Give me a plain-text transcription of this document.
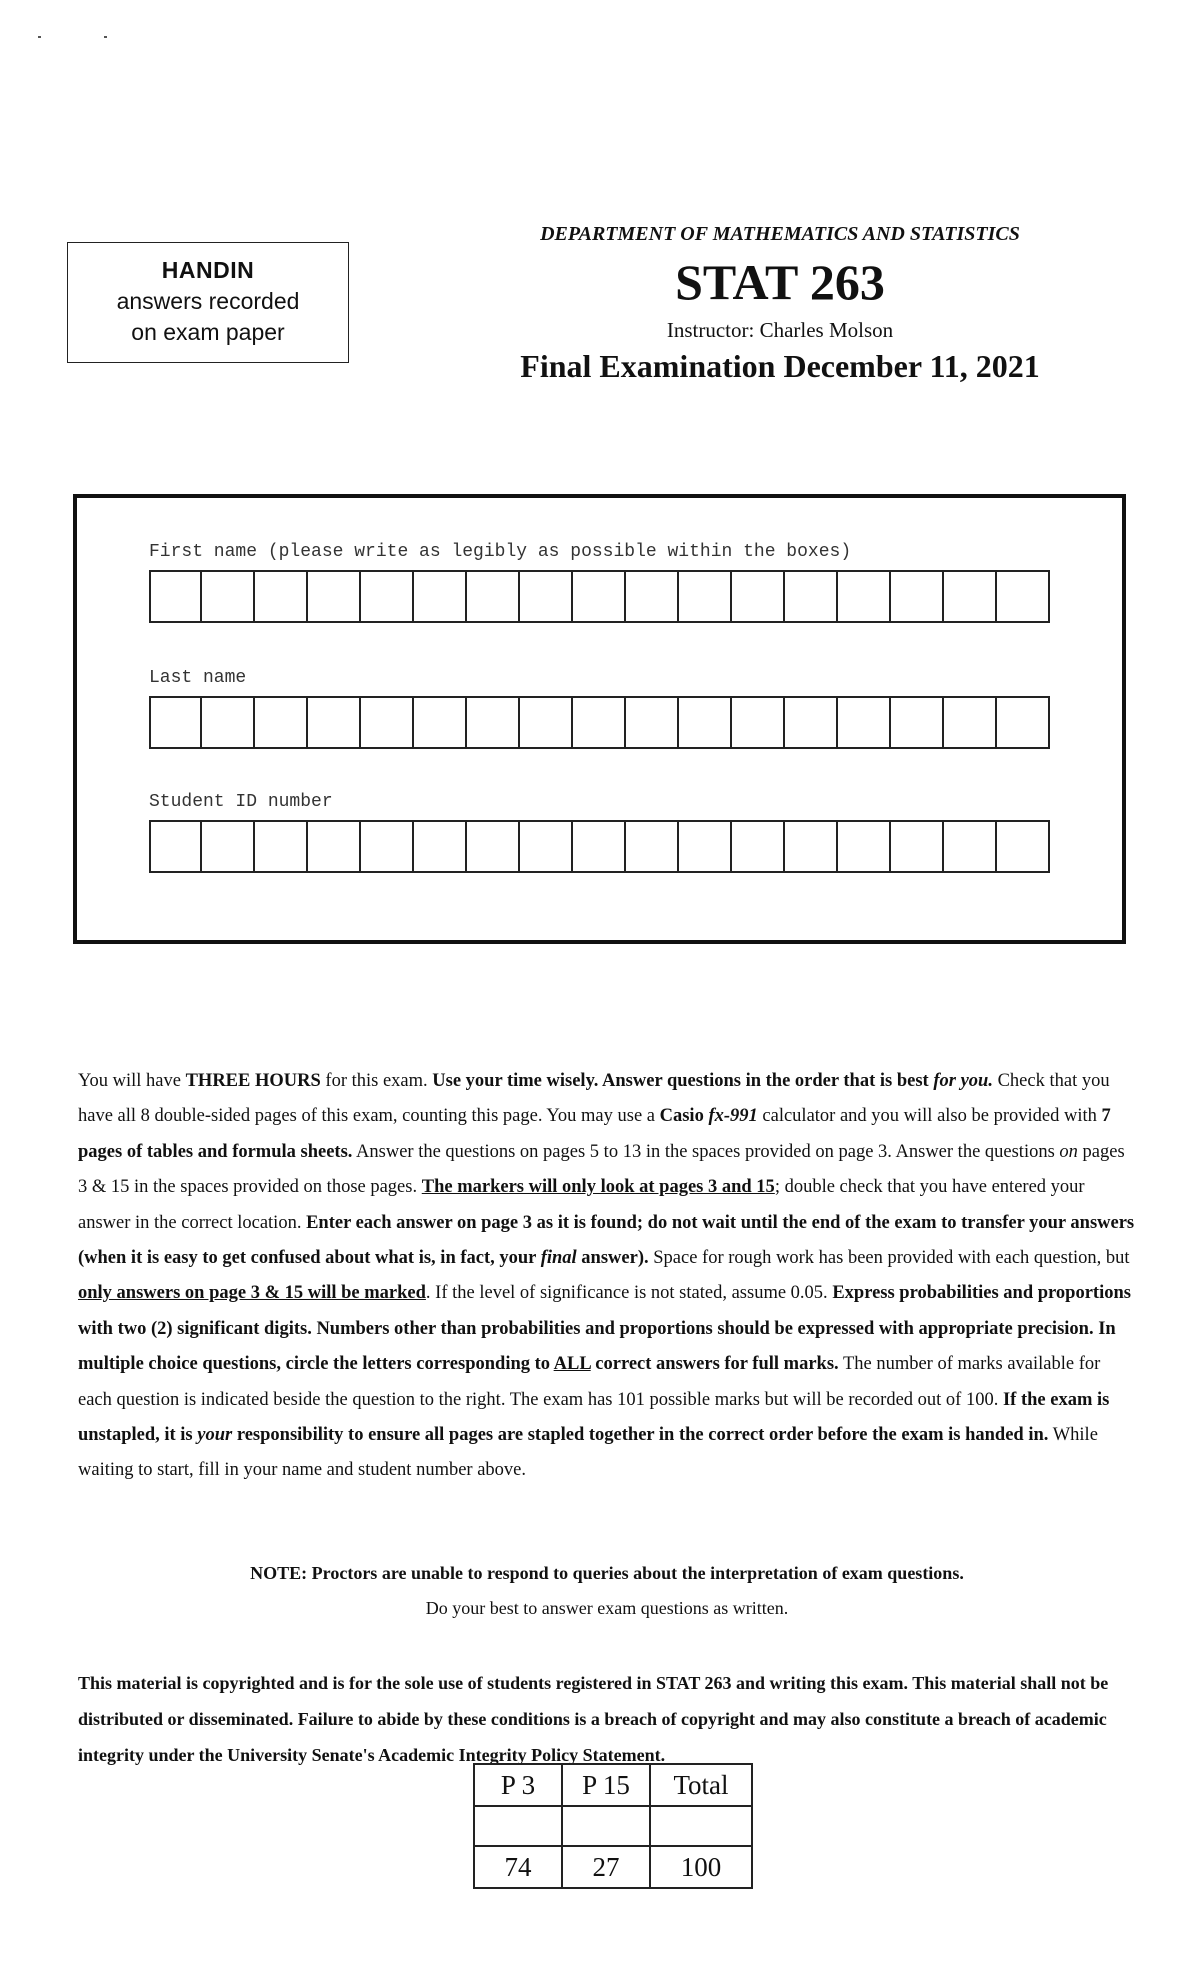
HANDIN
answers recorded
on exam paper
DEPARTMENT OF MATHEMATICS AND STATISTICS
STAT 263
Instructor: Charles Molson
Final Examination December 11, 2021
First name (please write as legibly as possible within the boxes)
Last name
Student ID number
You will have THREE HOURS for this exam. Use your time wisely. Answer questions in the order that is best for you. Check that you have all 8 double-sided pages of this exam, counting this page. You may use a Casio fx-991 calculator and you will also be provided with 7 pages of tables and formula sheets. Answer the questions on pages 5 to 13 in the spaces provided on page 3. Answer the questions on pages 3 & 15 in the spaces provided on those pages. The markers will only look at pages 3 and 15; double check that you have entered your answer in the correct location. Enter each answer on page 3 as it is found; do not wait until the end of the exam to transfer your answers (when it is easy to get confused about what is, in fact, your final answer). Space for rough work has been provided with each question, but only answers on page 3 & 15 will be marked. If the level of significance is not stated, assume 0.05. Express probabilities and proportions with two (2) significant digits. Numbers other than probabilities and proportions should be expressed with appropriate precision. In multiple choice questions, circle the letters corresponding to ALL correct answers for full marks. The number of marks available for each question is indicated beside the question to the right. The exam has 101 possible marks but will be recorded out of 100. If the exam is unstapled, it is your responsibility to ensure all pages are stapled together in the correct order before the exam is handed in. While waiting to start, fill in your name and student number above.
NOTE: Proctors are unable to respond to queries about the interpretation of exam questions.
Do your best to answer exam questions as written.
This material is copyrighted and is for the sole use of students registered in STAT 263 and writing this exam. This material shall not be distributed or disseminated. Failure to abide by these conditions is a breach of copyright and may also constitute a breach of academic integrity under the University Senate's Academic Integrity Policy Statement.
P 3	P 15	Total

74	27	100
